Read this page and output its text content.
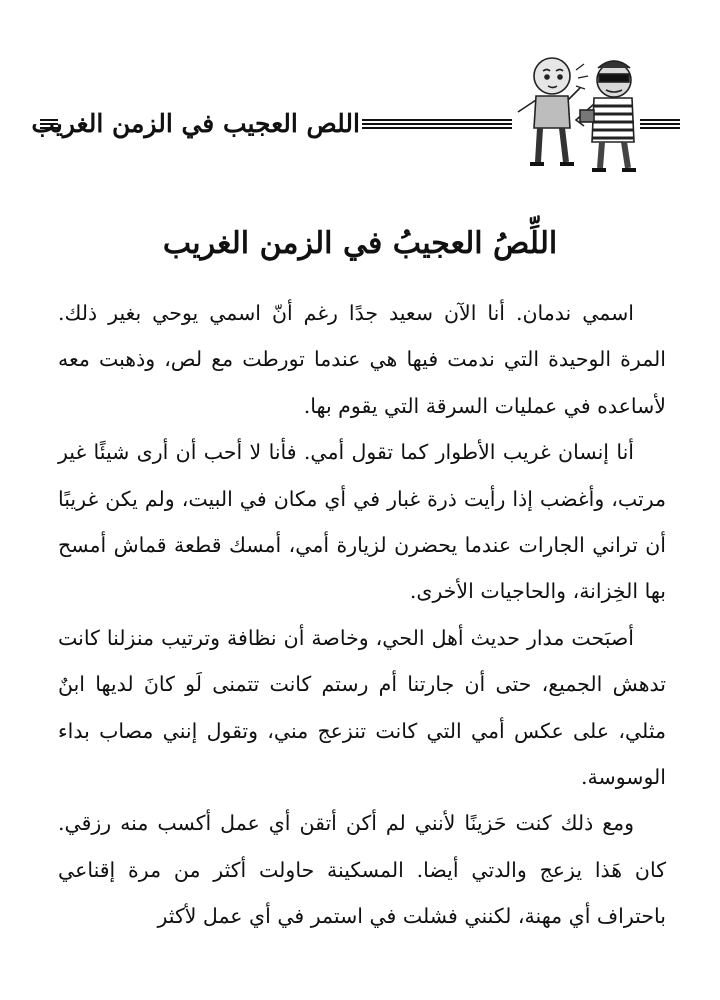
اللص العجيب في الزمن الغريب
اللِّصُ العجيبُ في الزمن الغريب

اسمي ندمان. أنا الآن سعيد جدًا رغم أنّ اسمي يوحي بغير ذلك. المرة الوحيدة التي ندمت فيها هي عندما تورطت مع لص، وذهبت معه لأساعده في عمليات السرقة التي يقوم بها.

أنا إنسان غريب الأطوار كما تقول أمي. فأنا لا أحب أن أرى شيئًا غير مرتب، وأغضب إذا رأيت ذرة غبار في أي مكان في البيت، ولم يكن غريبًا أن تراني الجارات عندما يحضرن لزيارة أمي، أمسك قطعة قماش أمسح بها الخِزانة، والحاجيات الأخرى.

أصبَحت مدار حديث أهل الحي، وخاصة أن نظافة وترتيب منزلنا كانت تدهش الجميع، حتى أن جارتنا أم رستم كانت تتمنى لَو كانَ لديها ابنٌ مثلي، على عكس أمي التي كانت تنزعج مني، وتقول إنني مصاب بداء الوسوسة.

ومع ذلك كنت حَزينًا لأنني لم أكن أتقن أي عمل أكسب منه رزقي. كان هَذا يزعج والدتي أيضا. المسكينة حاولت أكثر من مرة إقناعي باحتراف أي مهنة، لكنني فشلت في استمر في أي عمل لأكثر
